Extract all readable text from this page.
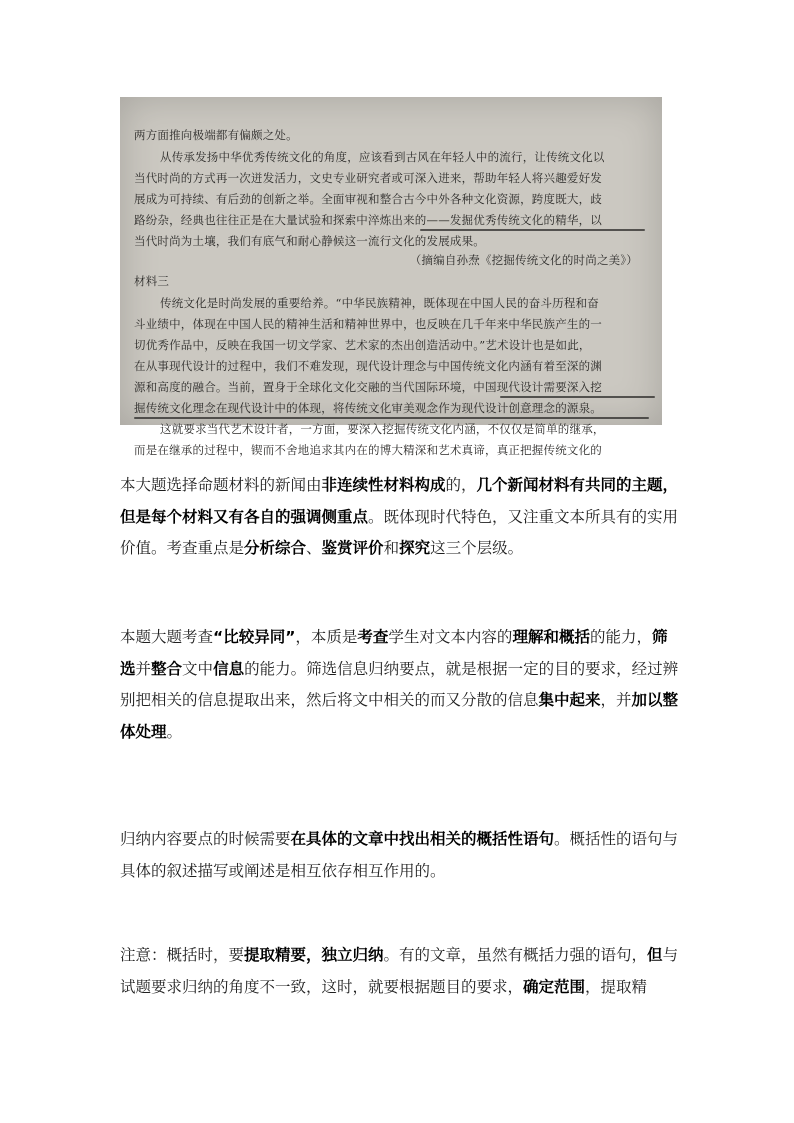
两方面推向极端都有偏颇之处。
从传承发扬中华优秀传统文化的角度，应该看到古风在年轻人中的流行，让传统文化以
当代时尚的方式再一次迸发活力，文史专业研究者或可深入进来，帮助年轻人将兴趣爱好发
展成为可持续、有后劲的创新之举。全面审视和整合古今中外各种文化资源，跨度既大，歧
路纷杂，经典也往往正是在大量试验和探索中淬炼出来的——发掘优秀传统文化的精华，以
当代时尚为土壤，我们有底气和耐心静候这一流行文化的发展成果。
（摘编自孙焘《挖掘传统文化的时尚之美》）
材料三
传统文化是时尚发展的重要给养。“中华民族精神，既体现在中国人民的奋斗历程和奋
斗业绩中，体现在中国人民的精神生活和精神世界中，也反映在几千年来中华民族产生的一
切优秀作品中，反映在我国一切文学家、艺术家的杰出创造活动中。”艺术设计也是如此，
在从事现代设计的过程中，我们不难发现，现代设计理念与中国传统文化内涵有着至深的渊
源和高度的融合。当前，置身于全球化文化交融的当代国际环境，中国现代设计需要深入挖
掘传统文化理念在现代设计中的体现，将传统文化审美观念作为现代设计创意理念的源泉。
这就要求当代艺术设计者，一方面，要深入挖掘传统文化内涵，不仅仅是简单的继承，
而是在继承的过程中，锲而不舍地追求其内在的博大精深和艺术真谛，真正把握传统文化的

本大题选择命题材料的新闻由非连续性材料构成的，几个新闻材料有共同的主题，但是每个材料又有各自的强调侧重点。既体现时代特色，又注重文本所具有的实用价值。考查重点是分析综合、鉴赏评价和探究这三个层级。

本题大题考查“比较异同”，本质是考查学生对文本内容的理解和概括的能力，筛选并整合文中信息的能力。筛选信息归纳要点，就是根据一定的目的要求，经过辨别把相关的信息提取出来，然后将文中相关的而又分散的信息集中起来，并加以整体处理。

归纳内容要点的时候需要在具体的文章中找出相关的概括性语句。概括性的语句与具体的叙述描写或阐述是相互依存相互作用的。

注意：概括时，要提取精要，独立归纳。有的文章，虽然有概括力强的语句，但与试题要求归纳的角度不一致，这时，就要根据题目的要求，确定范围，提取精
